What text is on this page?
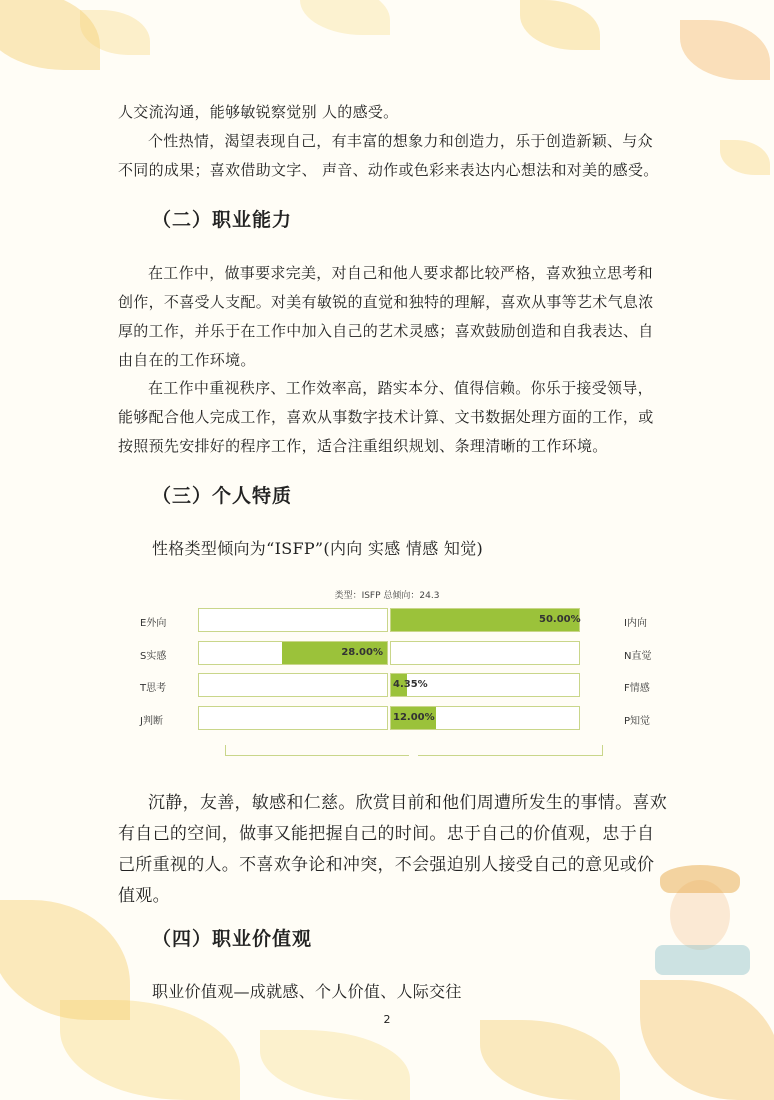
人交流沟通，能够敏锐察觉别 人的感受。

个性热情，渴望表现自己，有丰富的想象力和创造力，乐于创造新颖、与众不同的成果；喜欢借助文字、 声音、动作或色彩来表达内心想法和对美的感受。

（二）职业能力

在工作中，做事要求完美，对自己和他人要求都比较严格，喜欢独立思考和创作，不喜受人支配。对美有敏锐的直觉和独特的理解，喜欢从事等艺术气息浓厚的工作，并乐于在工作中加入自己的艺术灵感；喜欢鼓励创造和自我表达、自由自在的工作环境。

在工作中重视秩序、工作效率高，踏实本分、值得信赖。你乐于接受领导，能够配合他人完成工作，喜欢从事数字技术计算、文书数据处理方面的工作，或按照预先安排好的程序工作，适合注重组织规划、条理清晰的工作环境。

（三）个人特质

性格类型倾向为“ISFP”(内向 实感 情感 知觉)

类型：ISFP 总倾向：24.3
E外向	I内向
50.00%
S实感	N直觉
28.00%
T思考	F情感
4.35%
J判断	P知觉
12.00%

沉静，友善，敏感和仁慈。欣赏目前和他们周遭所发生的事情。喜欢有自己的空间，做事又能把握自己的时间。忠于自己的价值观，忠于自己所重视的人。不喜欢争论和冲突，不会强迫别人接受自己的意见或价值观。

（四）职业价值观

职业价值观—成就感、个人价值、人际交往

2
